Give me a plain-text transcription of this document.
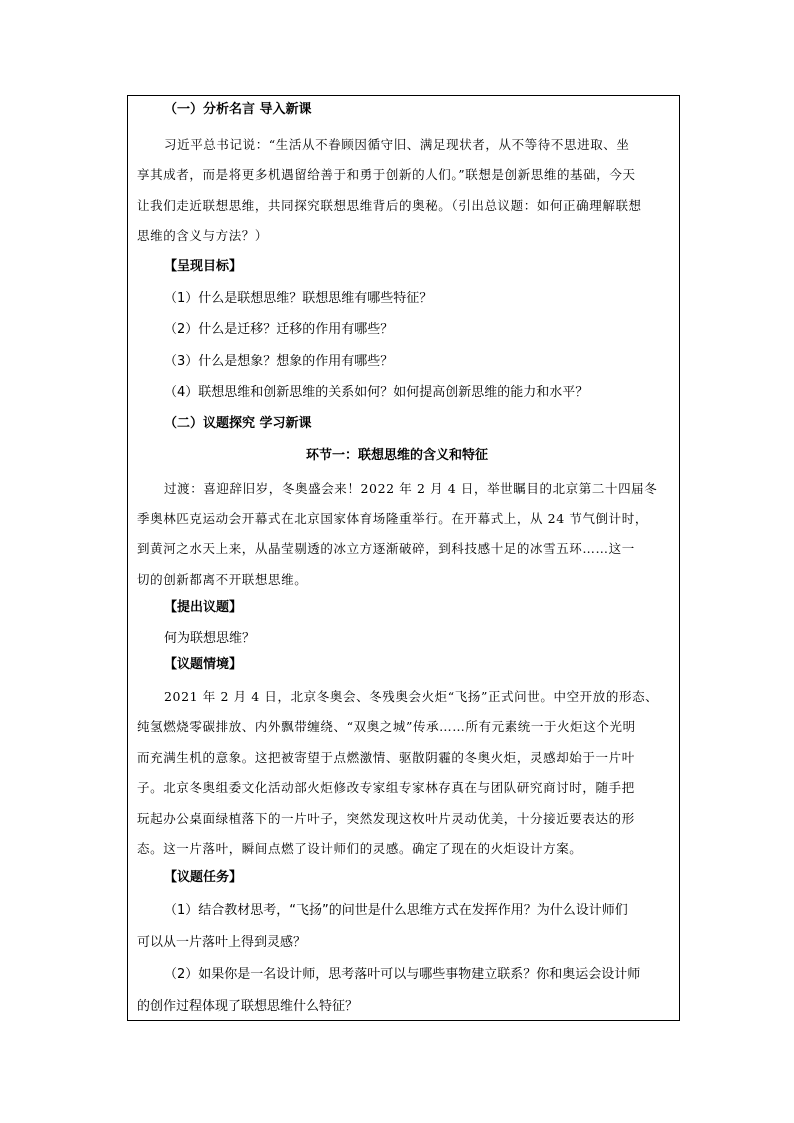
（一）分析名言 导入新课
习近平总书记说：“生活从不眷顾因循守旧、满足现状者，从不等待不思进取、坐
享其成者，而是将更多机遇留给善于和勇于创新的人们。”联想是创新思维的基础，今天
让我们走近联想思维，共同探究联想思维背后的奥秘。（引出总议题：如何正确理解联想
思维的含义与方法？）
【呈现目标】
（1）什么是联想思维？联想思维有哪些特征？
（2）什么是迁移？迁移的作用有哪些？
（3）什么是想象？想象的作用有哪些？
（4）联想思维和创新思维的关系如何？如何提高创新思维的能力和水平？
（二）议题探究 学习新课
环节一：联想思维的含义和特征
过渡：喜迎辞旧岁，冬奥盛会来！2022 年 2 月 4 日，举世瞩目的北京第二十四届冬
季奥林匹克运动会开幕式在北京国家体育场隆重举行。在开幕式上，从 24 节气倒计时，
到黄河之水天上来，从晶莹剔透的冰立方逐渐破碎，到科技感十足的冰雪五环……这一
切的创新都离不开联想思维。
【提出议题】
何为联想思维？
【议题情境】
2021 年 2 月 4 日，北京冬奥会、冬残奥会火炬“飞扬”正式问世。中空开放的形态、
纯氢燃烧零碳排放、内外飘带缠绕、“双奥之城”传承……所有元素统一于火炬这个光明
而充满生机的意象。这把被寄望于点燃激情、驱散阴霾的冬奥火炬，灵感却始于一片叶
子。北京冬奥组委文化活动部火炬修改专家组专家林存真在与团队研究商讨时，随手把
玩起办公桌面绿植落下的一片叶子，突然发现这枚叶片灵动优美，十分接近要表达的形
态。这一片落叶，瞬间点燃了设计师们的灵感。确定了现在的火炬设计方案。
【议题任务】
（1）结合教材思考，“飞扬”的问世是什么思维方式在发挥作用？为什么设计师们
可以从一片落叶上得到灵感？
（2）如果你是一名设计师，思考落叶可以与哪些事物建立联系？你和奥运会设计师
的创作过程体现了联想思维什么特征？
